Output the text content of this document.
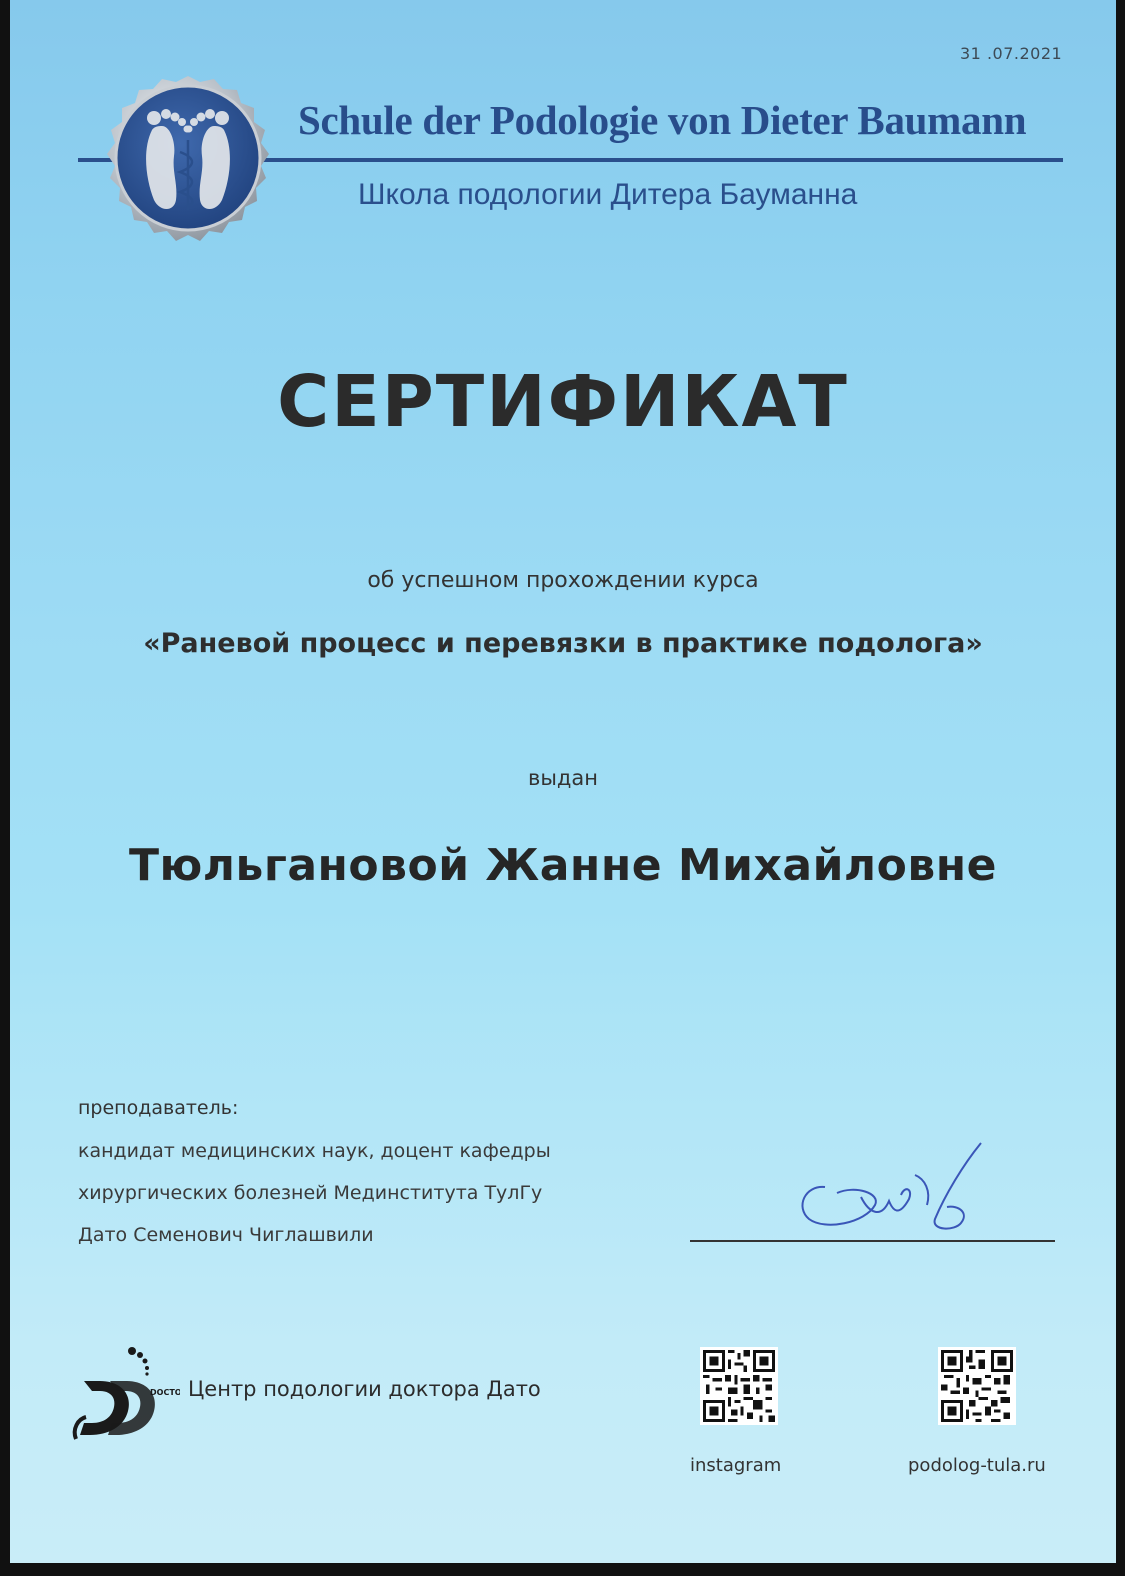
31 .07.2021
Schule der Podologie von Dieter Baumann
Школа подологии Дитера Бауманна
СЕРТИФИКАТ
об успешном прохождении курса
«Раневой процесс и перевязки в практике подолога»
выдан
Тюльгановой Жанне Михайловне
преподаватель:
кандидат медицинских наук, доцент кафедры
хирургических болезней Мединститута ТулГу
Дато Семенович Чиглашвили
DOCTO Центр подологии доктора Дато
instagram	podolog-tula.ru
